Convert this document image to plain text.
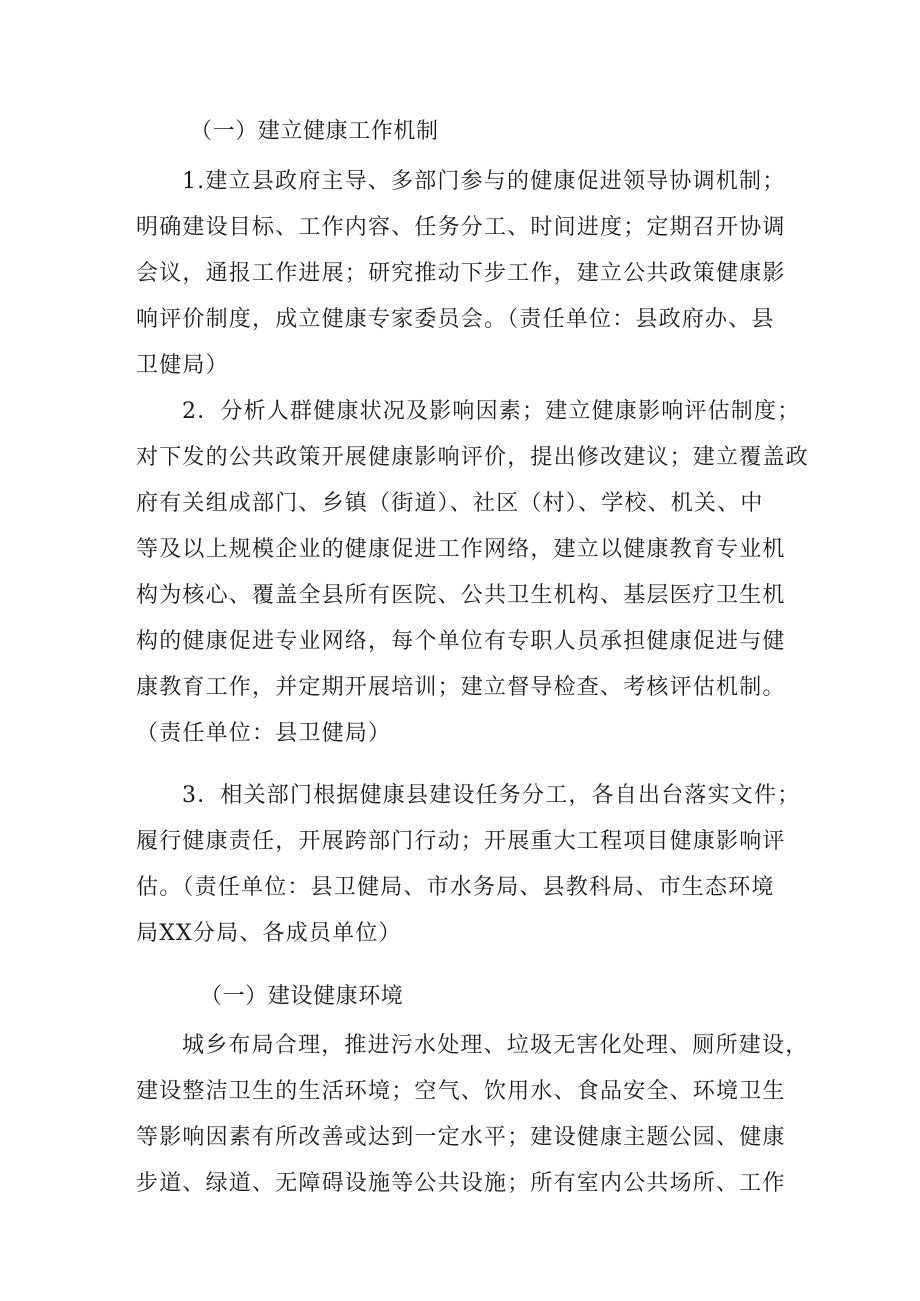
（一）建立健康工作机制
1.建立县政府主导、多部门参与的健康促进领导协调机制；
明确建设目标、工作内容、任务分工、时间进度；定期召开协调
会议，通报工作进展；研究推动下步工作，建立公共政策健康影
响评价制度，成立健康专家委员会。（责任单位：县政府办、县
卫健局）
2．分析人群健康状况及影响因素；建立健康影响评估制度；
对下发的公共政策开展健康影响评价，提出修改建议；建立覆盖政
府有关组成部门、乡镇（街道）、社区（村）、学校、机关、中
等及以上规模企业的健康促进工作网络，建立以健康教育专业机
构为核心、覆盖全县所有医院、公共卫生机构、基层医疗卫生机
构的健康促进专业网络，每个单位有专职人员承担健康促进与健
康教育工作，并定期开展培训；建立督导检查、考核评估机制。
（责任单位：县卫健局）
3．相关部门根据健康县建设任务分工，各自出台落实文件；
履行健康责任，开展跨部门行动；开展重大工程项目健康影响评
估。（责任单位：县卫健局、市水务局、县教科局、市生态环境
局XX分局、各成员单位）
（一）建设健康环境
城乡布局合理，推进污水处理、垃圾无害化处理、厕所建设，
建设整洁卫生的生活环境；空气、饮用水、食品安全、环境卫生
等影响因素有所改善或达到一定水平；建设健康主题公园、健康
步道、绿道、无障碍设施等公共设施；所有室内公共场所、工作
